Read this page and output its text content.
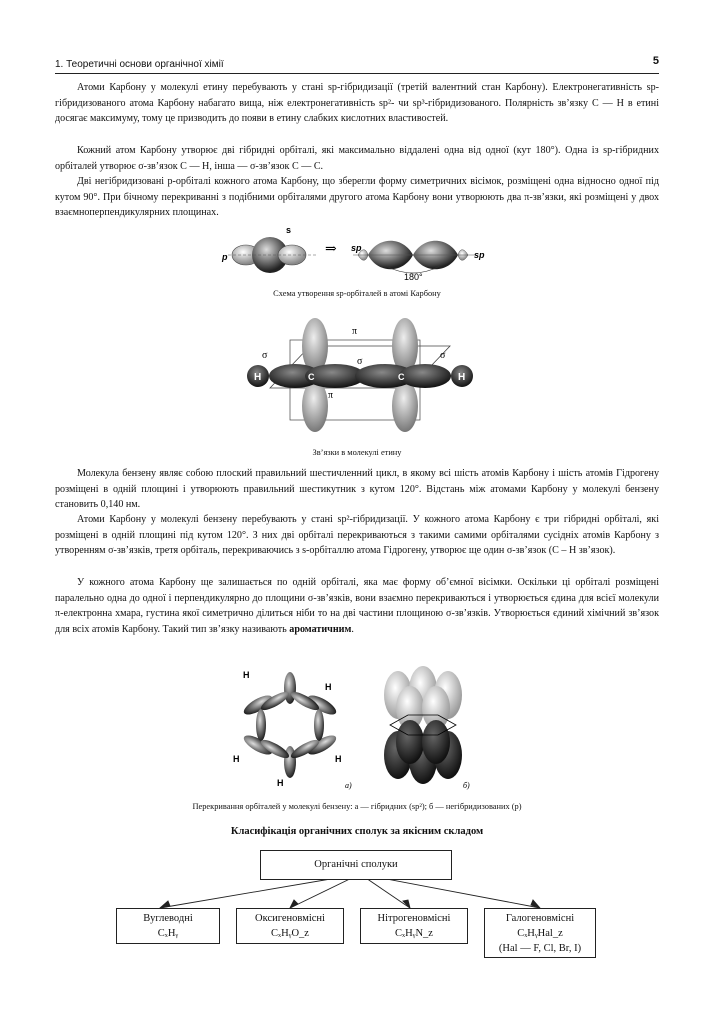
1. Теоретичні основи органічної хімії	5

Атоми Карбону у молекулі етину перебувають у стані sp-гібридизації (третій валентний стан Карбону). Електронегативність sp-гібридизованого атома Карбону набагато вища, ніж електронегативність sp²- чи sp³-гібридизованого. Полярність зв’язку С — Н в етині досягає максимуму, тому це призводить до появи в етину слабких кислотних властивостей.

Кожний атом Карбону утворює дві гібридні орбіталі, які максимально віддалені одна від одної (кут 180°). Одна із sp-гібридних орбіталей утворює σ-зв’язок С — Н, інша — σ-зв’язок С — С.

Дві негібридизовані p-орбіталі кожного атома Карбону, що зберегли форму симетричних вісімок, розміщені одна відносно одної під кутом 90°. При бічному перекриванні з подібними орбіталями другого атома Карбону вони утворюють два π-зв’язки, які розміщені у двох взаємноперпендикулярних площинах.

p
s
⇒ sp
sp
180°
Схема утворення sp-орбіталей в атомі Карбону
H	H
C	C
π
π
σ
σ
σ
Зв’язки в молекулі етину

Молекула бензену являє собою плоский правильний шестичленний цикл, в якому всі шість атомів Карбону і шість атомів Гідрогену розміщені в одній площині і утворюють правильний шестикутник з кутом 120°. Відстань між атомами Карбону у молекулі бензену становить 0,140 нм.

Атоми Карбону у молекулі бензену перебувають у стані sp²-гібридизації. У кожного атома Карбону є три гібридні орбіталі, які розміщені в одній площині під кутом 120°. З них дві орбіталі перекриваються з такими самими орбіталями сусідніх атомів Карбону з утворенням σ-зв’язків, третя орбіталь, перекриваючись з s-орбіталлю атома Гідрогену, утворює ще один σ-зв’язок (С – Н зв’язок).

У кожного атома Карбону ще залишається по одній орбіталі, яка має форму об’ємної вісімки. Оскільки ці орбіталі розміщені паралельно одна до одної і перпендикулярно до площини σ-зв’язків, вони взаємно перекриваються і утворюється єдина для всієї молекули π-електронна хмара, густина якої симетрично ділиться ніби то на дві частини площиною σ-зв’язків. Утворюється єдиний хімічний зв’язок для всіх атомів Карбону. Такий тип зв’язку називають ароматичним.

H
H
H	H
H	а)	б)
Перекривання орбіталей у молекулі бензену: а — гібридних (sp²); б — негібридизованих (p)
Класифікація органічних сполук за якісним складом
Органічні сполуки
Вуглеводні
CₓHᵧ
Оксигеновмісні
CₓHᵧO_z
Нітрогеновмісні
CₓHᵧN_z
Галогеновмісні
CₓHᵧHal_z
(Hal — F, Cl, Br, I)
